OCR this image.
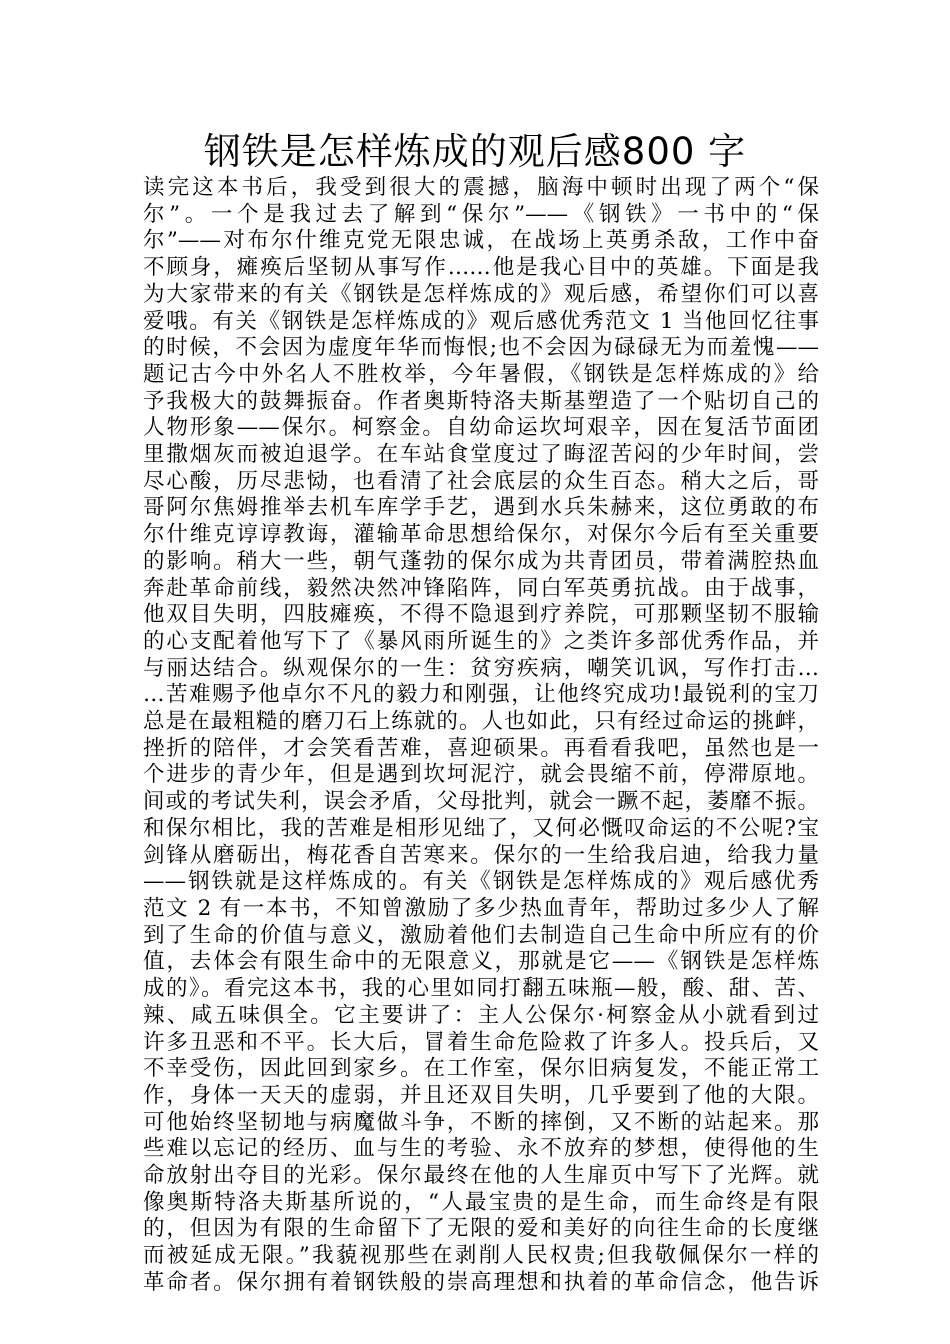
钢铁是怎样炼成的观后感800 字
读完这本书后，我受到很大的震撼，脑海中顿时出现了两个“保
尔”。一个是我过去了解到“保尔”——《钢铁》一书中的“保
尔”——对布尔什维克党无限忠诚，在战场上英勇杀敌，工作中奋
不顾身，瘫痪后坚韧从事写作……他是我心目中的英雄。下面是我
为大家带来的有关《钢铁是怎样炼成的》观后感，希望你们可以喜
爱哦。有关《钢铁是怎样炼成的》观后感优秀范文 1 当他回忆往事
的时候，不会因为虚度年华而悔恨;也不会因为碌碌无为而羞愧——
题记古今中外名人不胜枚举，今年暑假，《钢铁是怎样炼成的》给
予我极大的鼓舞振奋。作者奥斯特洛夫斯基塑造了一个贴切自己的
人物形象——保尔。柯察金。自幼命运坎坷艰辛，因在复活节面团
里撒烟灰而被迫退学。在车站食堂度过了晦涩苦闷的少年时间，尝
尽心酸，历尽悲恸，也看清了社会底层的众生百态。稍大之后，哥
哥阿尔焦姆推举去机车库学手艺，遇到水兵朱赫来，这位勇敢的布
尔什维克谆谆教诲，灌输革命思想给保尔，对保尔今后有至关重要
的影响。稍大一些，朝气蓬勃的保尔成为共青团员，带着满腔热血
奔赴革命前线，毅然决然冲锋陷阵，同白军英勇抗战。由于战事，
他双目失明，四肢瘫痪，不得不隐退到疗养院，可那颗坚韧不服输
的心支配着他写下了《暴风雨所诞生的》之类许多部优秀作品，并
与丽达结合。纵观保尔的一生：贫穷疾病，嘲笑讥讽，写作打击…
…苦难赐予他卓尔不凡的毅力和刚强，让他终究成功!最锐利的宝刀
总是在最粗糙的磨刀石上练就的。人也如此，只有经过命运的挑衅，
挫折的陪伴，才会笑看苦难，喜迎硕果。再看看我吧，虽然也是一
个进步的青少年，但是遇到坎坷泥泞，就会畏缩不前，停滞原地。
间或的考试失利，误会矛盾，父母批判，就会一蹶不起，萎靡不振。
和保尔相比，我的苦难是相形见绌了，又何必慨叹命运的不公呢?宝
剑锋从磨砺出，梅花香自苦寒来。保尔的一生给我启迪，给我力量
——钢铁就是这样炼成的。有关《钢铁是怎样炼成的》观后感优秀
范文 2 有一本书，不知曾激励了多少热血青年，帮助过多少人了解
到了生命的价值与意义，激励着他们去制造自己生命中所应有的价
值，去体会有限生命中的无限意义，那就是它——《钢铁是怎样炼
成的》。看完这本书，我的心里如同打翻五味瓶—般，酸、甜、苦、
辣、咸五味俱全。它主要讲了：主人公保尔·柯察金从小就看到过
许多丑恶和不平。长大后，冒着生命危险救了许多人。投兵后，又
不幸受伤，因此回到家乡。在工作室，保尔旧病复发，不能正常工
作，身体一天天的虚弱，并且还双目失明，几乎要到了他的大限。
可他始终坚韧地与病魔做斗争，不断的摔倒，又不断的站起来。那
些难以忘记的经历、血与生的考验、永不放弃的梦想，使得他的生
命放射出夺目的光彩。保尔最终在他的人生扉页中写下了光辉。就
像奥斯特洛夫斯基所说的，“人最宝贵的是生命，而生命终是有限
的，但因为有限的生命留下了无限的爱和美好的向往生命的长度继
而被延成无限。”我藐视那些在剥削人民权贵;但我敬佩保尔一样的
革命者。保尔拥有着钢铁般的崇高理想和执着的革命信念，他告诉
